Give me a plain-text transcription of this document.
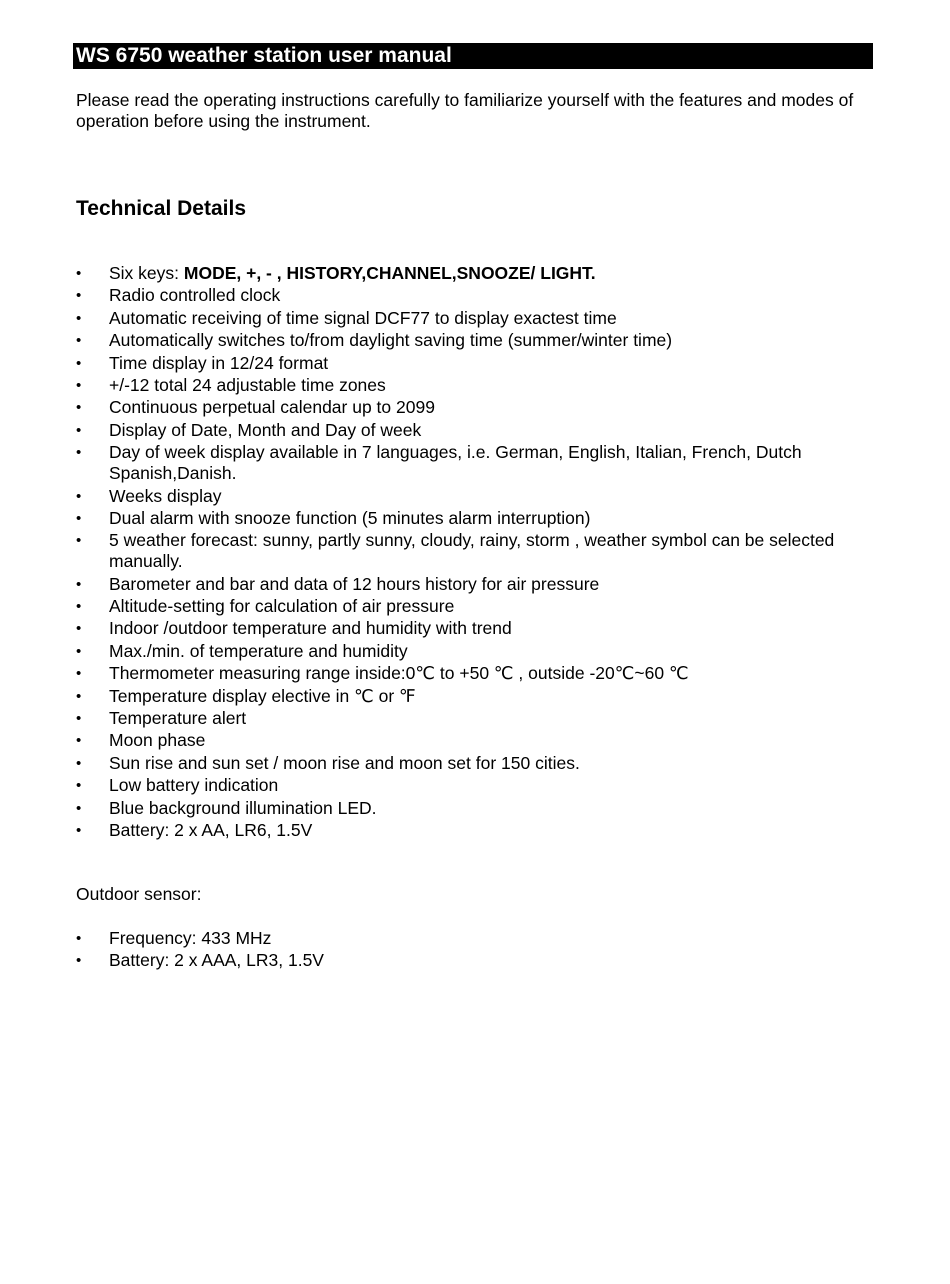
WS 6750 weather station user manual

Please read the operating instructions carefully to familiarize yourself with the features and modes of operation before using the instrument.

Technical Details
• Six keys: MODE, +, - , HISTORY,CHANNEL,SNOOZE/ LIGHT.
• Radio controlled clock
• Automatic receiving of time signal DCF77 to display exactest time
• Automatically switches to/from daylight saving time (summer/winter time)
• Time display in 12/24 format
• +/-12 total 24 adjustable time zones
• Continuous perpetual calendar up to 2099
• Display of Date, Month and Day of week
• Day of week display available in 7 languages, i.e. German, English, Italian, French, Dutch Spanish,Danish.
• Weeks display
• Dual alarm with snooze function (5 minutes alarm interruption)
• 5 weather forecast: sunny, partly sunny, cloudy, rainy, storm , weather symbol can be selected manually.
• Barometer and bar and data of 12 hours history for air pressure
• Altitude-setting for calculation of air pressure
• Indoor /outdoor temperature and humidity with trend
• Max./min. of temperature and humidity
• Thermometer measuring range inside:0℃ to +50 ℃ , outside -20℃~60 ℃
• Temperature display elective in ℃ or ℉
• Temperature alert
• Moon phase
• Sun rise and sun set / moon rise and moon set for 150 cities.
• Low battery indication
• Blue background illumination LED.
• Battery: 2 x AA, LR6, 1.5V

Outdoor sensor:

• Frequency: 433 MHz
• Battery: 2 x AAA, LR3, 1.5V
